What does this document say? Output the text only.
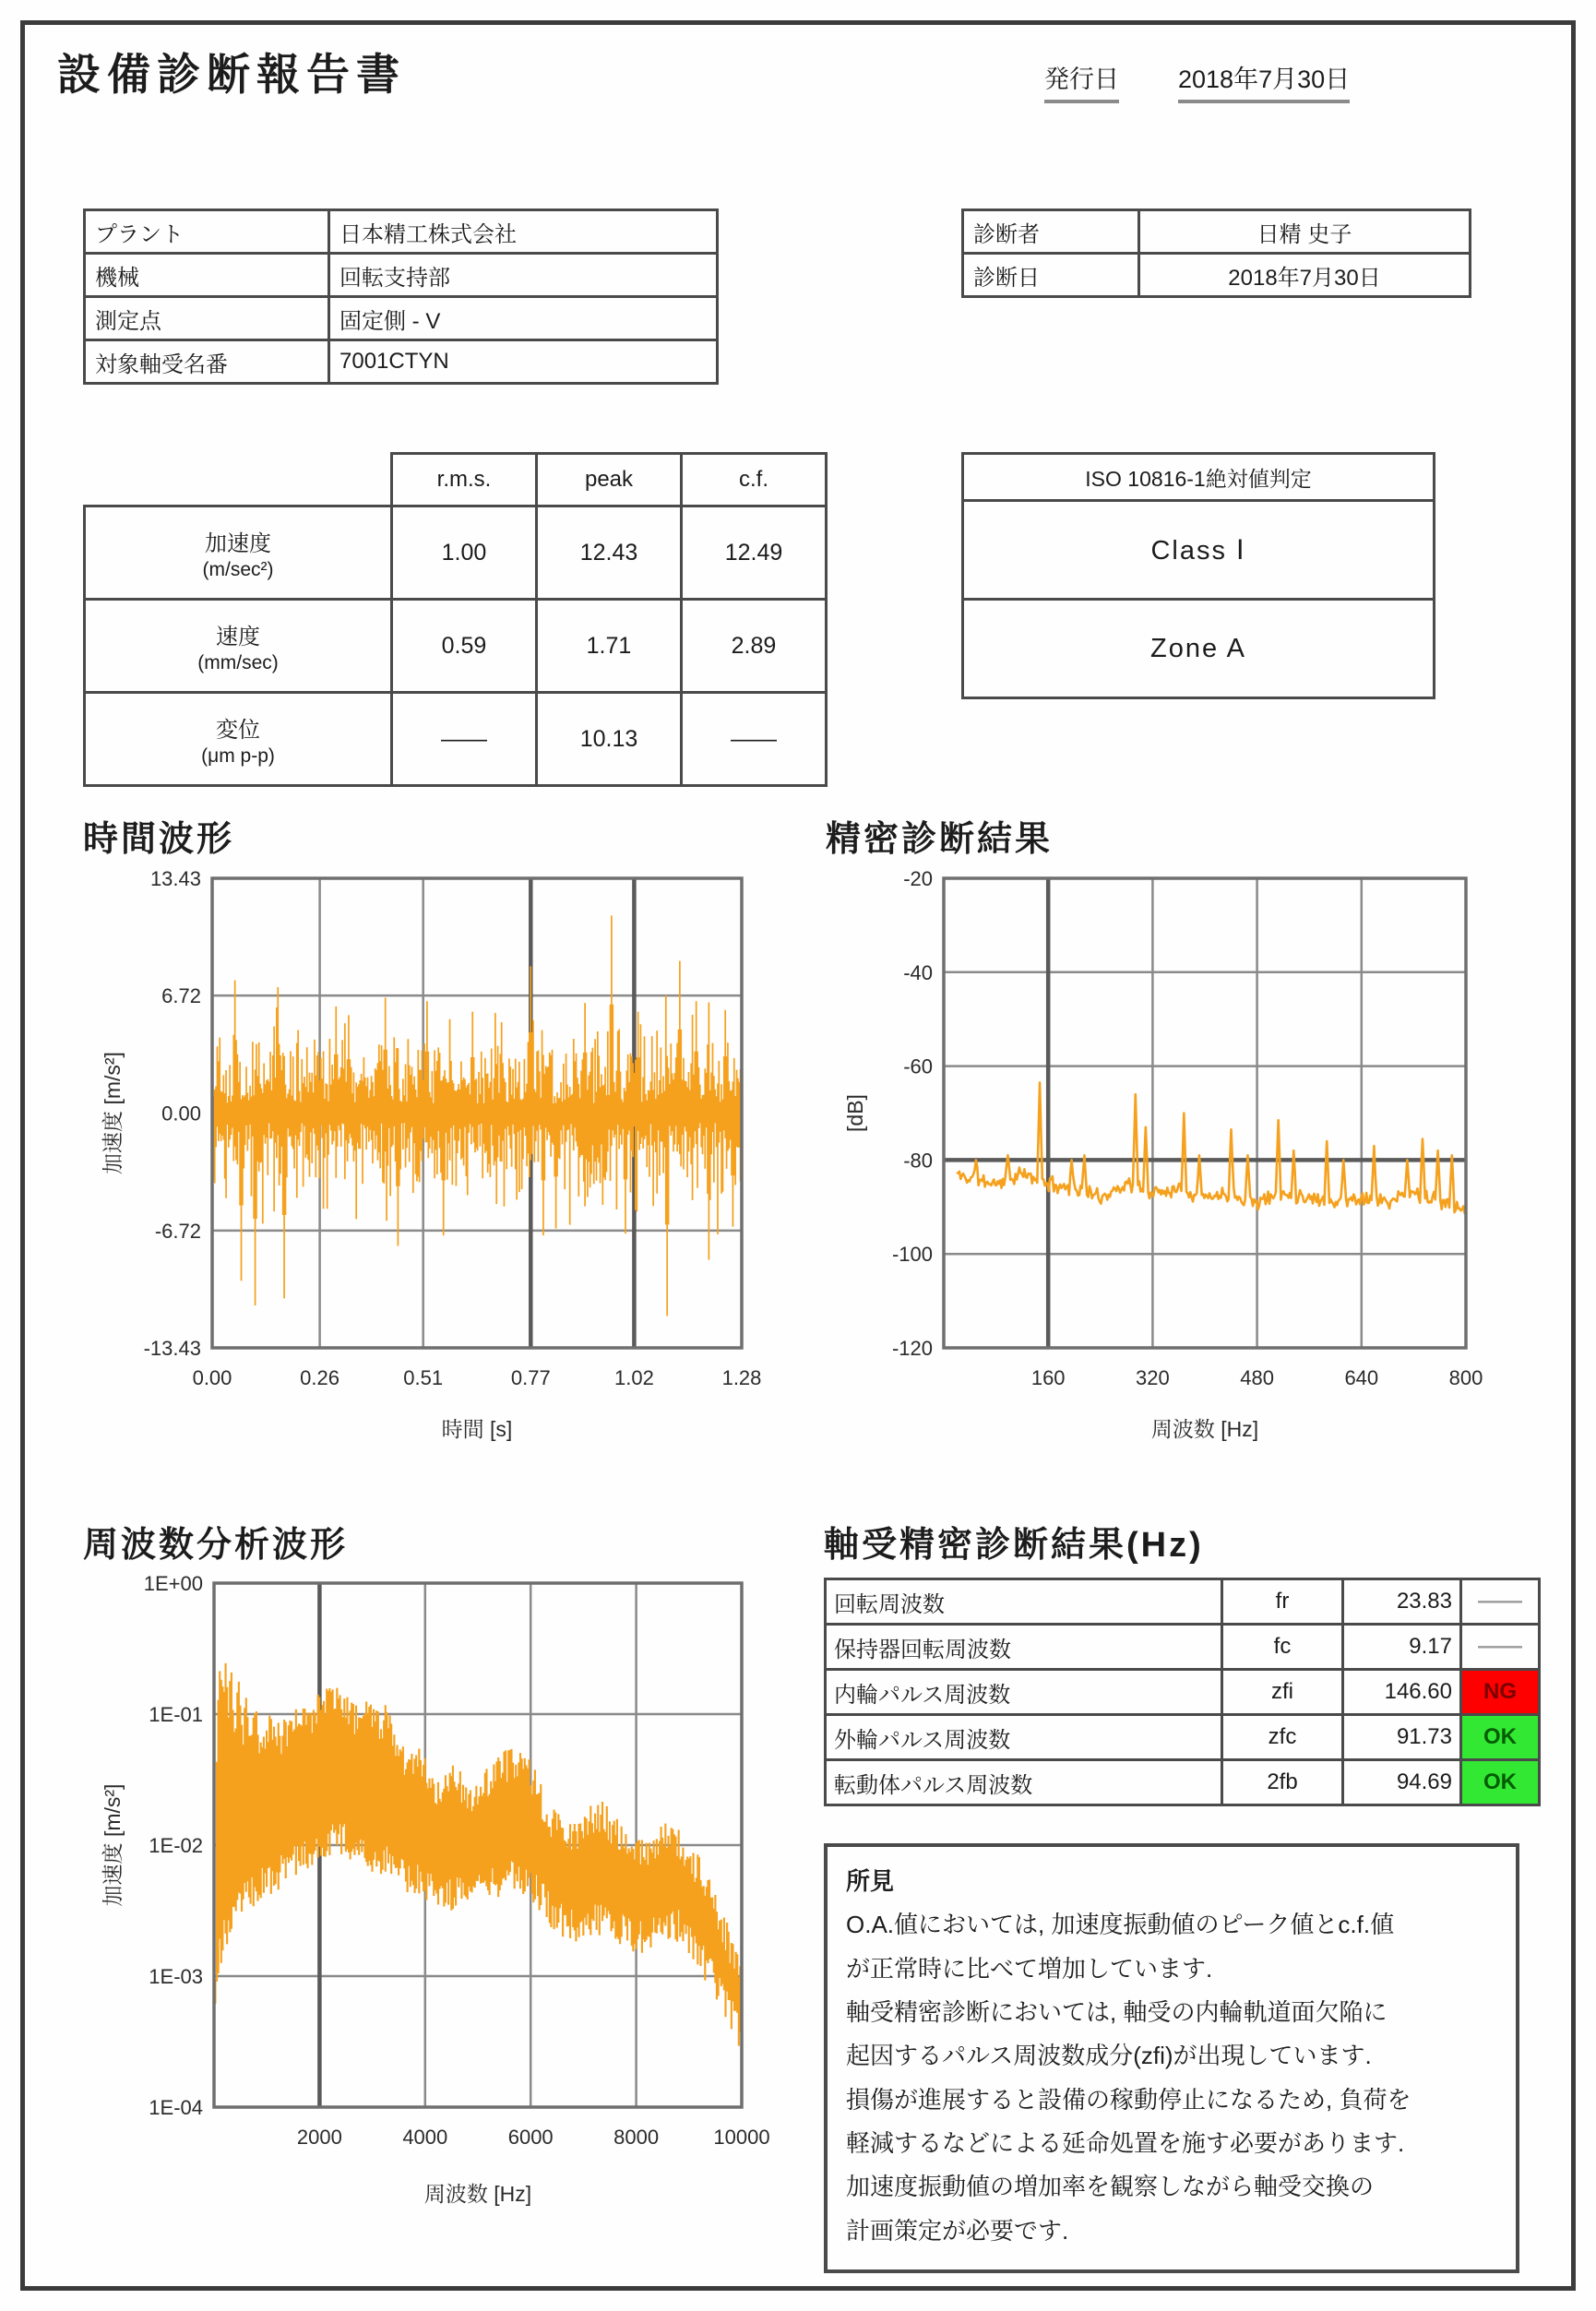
設備診断報告書	発行日 2018年7月30日
プラント	日本精工株式会社
機械	回転支持部
測定点	固定側 - V
対象軸受名番	7001CTYN
診断者	日精 史子
診断日	2018年7月30日
	r.m.s.	peak	c.f.

加速度
(m/sec²)	1.00	12.43	12.49

速度
(mm/sec)	0.59	1.71	2.89

変位
(μm p-p)	――	10.13	――
ISO 10816-1絶対値判定
Class Ⅰ
Zone A
時間波形	精密診断結果
0.00	0.26	0.51	0.77	1.02	1.28
13.43
6.72
0.00
-6.72
-13.43
時間 [s]
加速度 [m/s²]
160	320	480	640	800
-20
-40
-60
-80
-100
-120
周波数 [Hz]
[dB]
周波数分析波形	軸受精密診断結果(Hz)
2000	4000	6000	8000	10000
1E+00
1E-01
1E-02
1E-03
1E-04
周波数 [Hz]
加速度 [m/s²]
回転周波数	fr	23.83	――
保持器回転周波数	fc	9.17	――
内輪パルス周波数	zfi	146.60	NG
外輪パルス周波数	zfc	91.73	OK
転動体パルス周波数	2fb	94.69	OK
所見
O.A.値においては, 加速度振動値のピーク値とc.f.値
が正常時に比べて増加しています.
軸受精密診断においては, 軸受の内輪軌道面欠陥に
起因するパルス周波数成分(zfi)が出現しています.
損傷が進展すると設備の稼動停止になるため, 負荷を
軽減するなどによる延命処置を施す必要があります.
加速度振動値の増加率を観察しながら軸受交換の
計画策定が必要です.
